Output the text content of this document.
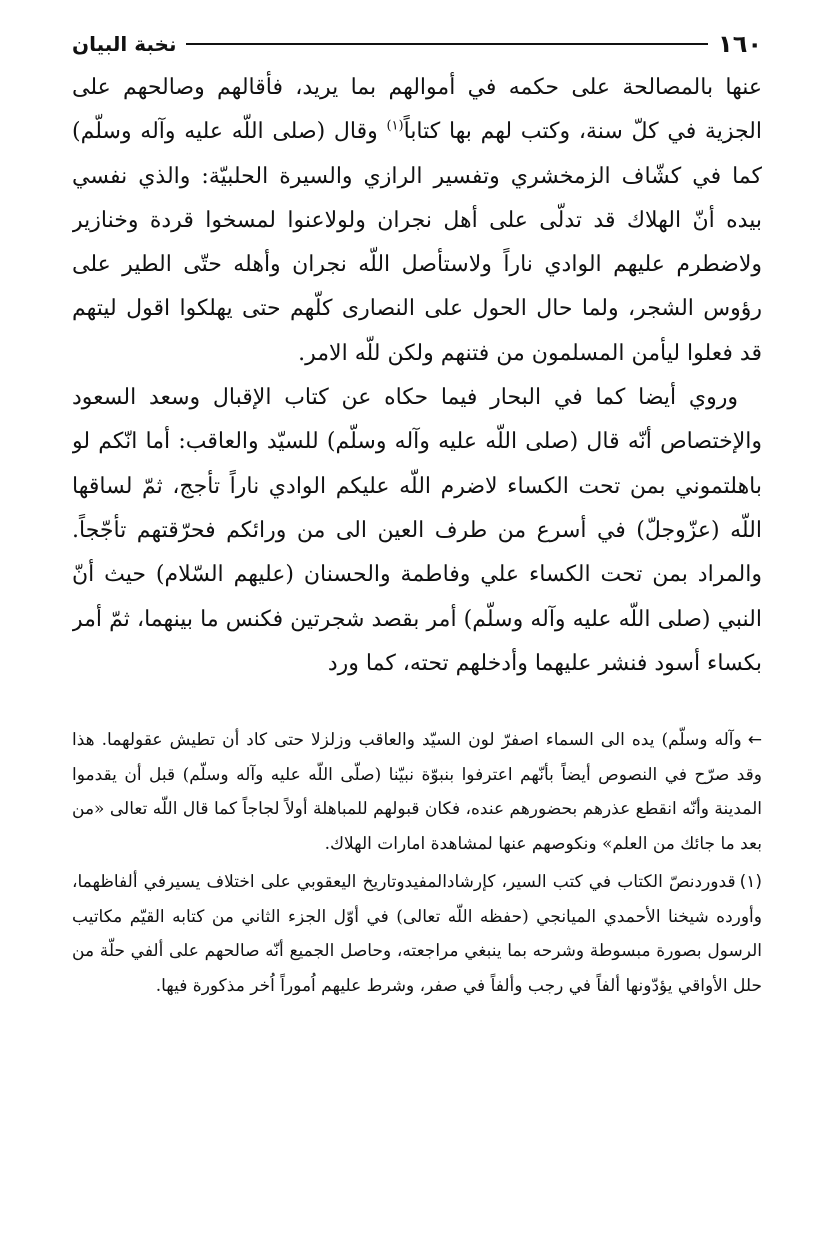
١٦٠
نخبة البيان

عنها بالمصالحة على حكمه في أموالهم بما يريد، فأقالهم وصالحهم على الجزية في كلّ سنة، وكتب لهم بها كتاباً$^{(١)}$ وقال (صلى اللّه عليه وآله وسلّم) كما في كشّاف الزمخشري وتفسير الرازي والسيرة الحلبيّة: والذي نفسي بيده أنّ الهلاك قد تدلّى على أهل نجران ولولاعنوا لمسخوا قردة وخنازير ولاضطرم عليهم الوادي ناراً ولاستأصل اللّه نجران وأهله حتّى الطير على رؤوس الشجر، ولما حال الحول على النصارى كلّهم حتى يهلكوا اقول ليتهم قد فعلوا ليأمن المسلمون من فتنهم ولكن للّه الامر.

وروي أيضا كما في البحار فيما حكاه عن كتاب الإقبال وسعد السعود والإختصاص أنّه قال (صلى اللّه عليه وآله وسلّم) للسيّد والعاقب: أما انّكم لو باهلتموني بمن تحت الكساء لاضرم اللّه عليكم الوادي ناراً تأجج، ثمّ لساقها اللّه (عزّوجلّ) في أسرع من طرف العين الى من ورائكم فحرّقتهم تأجّجاً. والمراد بمن تحت الكساء علي وفاطمة والحسنان (عليهم السّلام) حيث أنّ النبي (صلى اللّه عليه وآله وسلّم) أمر بقصد شجرتين فكنس ما بينهما، ثمّ أمر بكساء أسود فنشر عليهما وأدخلهم تحته، كما ورد

←وآله وسلّم) يده الى السماء اصفرّ لون السيّد والعاقب وزلزلا حتى كاد أن تطيش عقولهما. هذا وقد صرّح في النصوص أيضاً بأنّهم اعترفوا بنبوّة نبيّنا (صلّى اللّه عليه وآله وسلّم) قبل أن يقدموا المدينة وأنّه انقطع عذرهم بحضورهم عنده، فكان قبولهم للمباهلة أولاً لجاجاً كما قال اللّه تعالى «من بعد ما جائك من العلم» ونكوصهم عنها لمشاهدة امارات الهلاك.

(١)قدوردنصّ الكتاب في كتب السير، كإرشادالمفيدوتاريخ اليعقوبي على اختلاف يسيرفي ألفاظهما، وأورده شيخنا الأحمدي الميانجي (حفظه اللّه تعالى) في أوّل الجزء الثاني من كتابه القيّم مكاتيب الرسول بصورة مبسوطة وشرحه بما ينبغي مراجعته، وحاصل الجميع أنّه صالحهم على ألفي حلّة من حلل الأواقي يؤدّونها ألفاً في رجب وألفاً في صفر، وشرط عليهم اُموراً اُخر مذكورة فيها.
